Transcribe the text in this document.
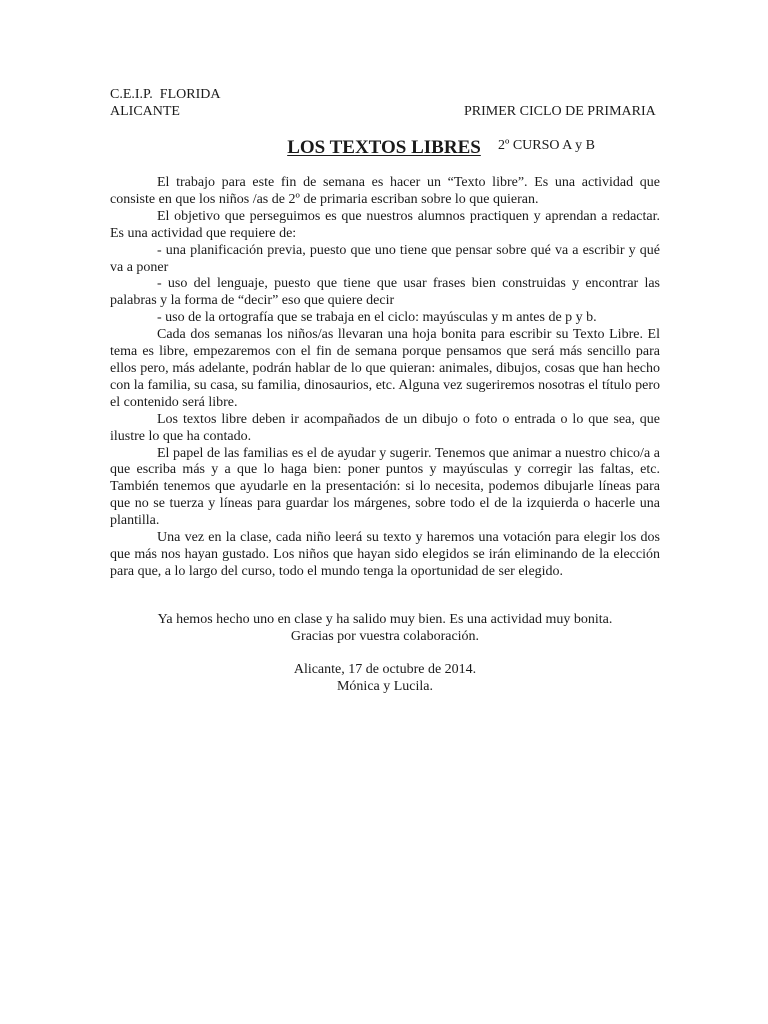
C.E.I.P.  FLORIDA
ALICANTE	PRIMER CICLO DE PRIMARIA

2º CURSO A y B

LOS TEXTOS LIBRES

El trabajo para este fin de semana es hacer un “Texto libre”. Es una actividad que consiste en que los niños /as de 2º de primaria escriban sobre lo que quieran.

El objetivo que perseguimos es que nuestros alumnos practiquen y aprendan a redactar. Es una actividad que requiere de:

- una planificación previa, puesto que uno tiene que pensar sobre qué va a escribir y qué va a poner

- uso del lenguaje, puesto que tiene que usar frases bien construidas y encontrar las palabras y la forma de “decir” eso que quiere decir

- uso de la ortografía que se trabaja en el ciclo: mayúsculas y m antes de p y b.

Cada dos semanas los niños/as llevaran una hoja bonita para escribir su Texto Libre. El tema es libre, empezaremos con el fin de semana porque pensamos que será más sencillo para ellos pero, más adelante, podrán hablar de lo que quieran: animales, dibujos, cosas que han hecho con la familia, su casa, su familia, dinosaurios, etc. Alguna vez sugeriremos nosotras el título pero el contenido será libre.

Los textos libre deben ir acompañados de un dibujo o foto o entrada o lo que sea, que ilustre lo que ha contado.

El papel de las familias es el de ayudar y sugerir. Tenemos que animar a nuestro chico/a a que escriba más y a que lo haga bien: poner puntos y mayúsculas y corregir las faltas, etc. También tenemos que ayudarle en la presentación: si lo necesita, podemos dibujarle líneas para que no se tuerza y líneas para guardar los márgenes, sobre todo el de la izquierda o hacerle una plantilla.

Una vez en la clase, cada niño leerá su texto y haremos una votación para elegir los dos que más nos hayan gustado. Los niños que hayan sido elegidos se irán eliminando de la elección para que, a lo largo del curso, todo el mundo tenga la oportunidad de ser elegido.

Ya hemos hecho uno en clase y ha salido muy bien. Es una actividad muy bonita.

Gracias por vuestra colaboración.

Alicante, 17 de octubre de 2014.

Mónica y Lucila.
